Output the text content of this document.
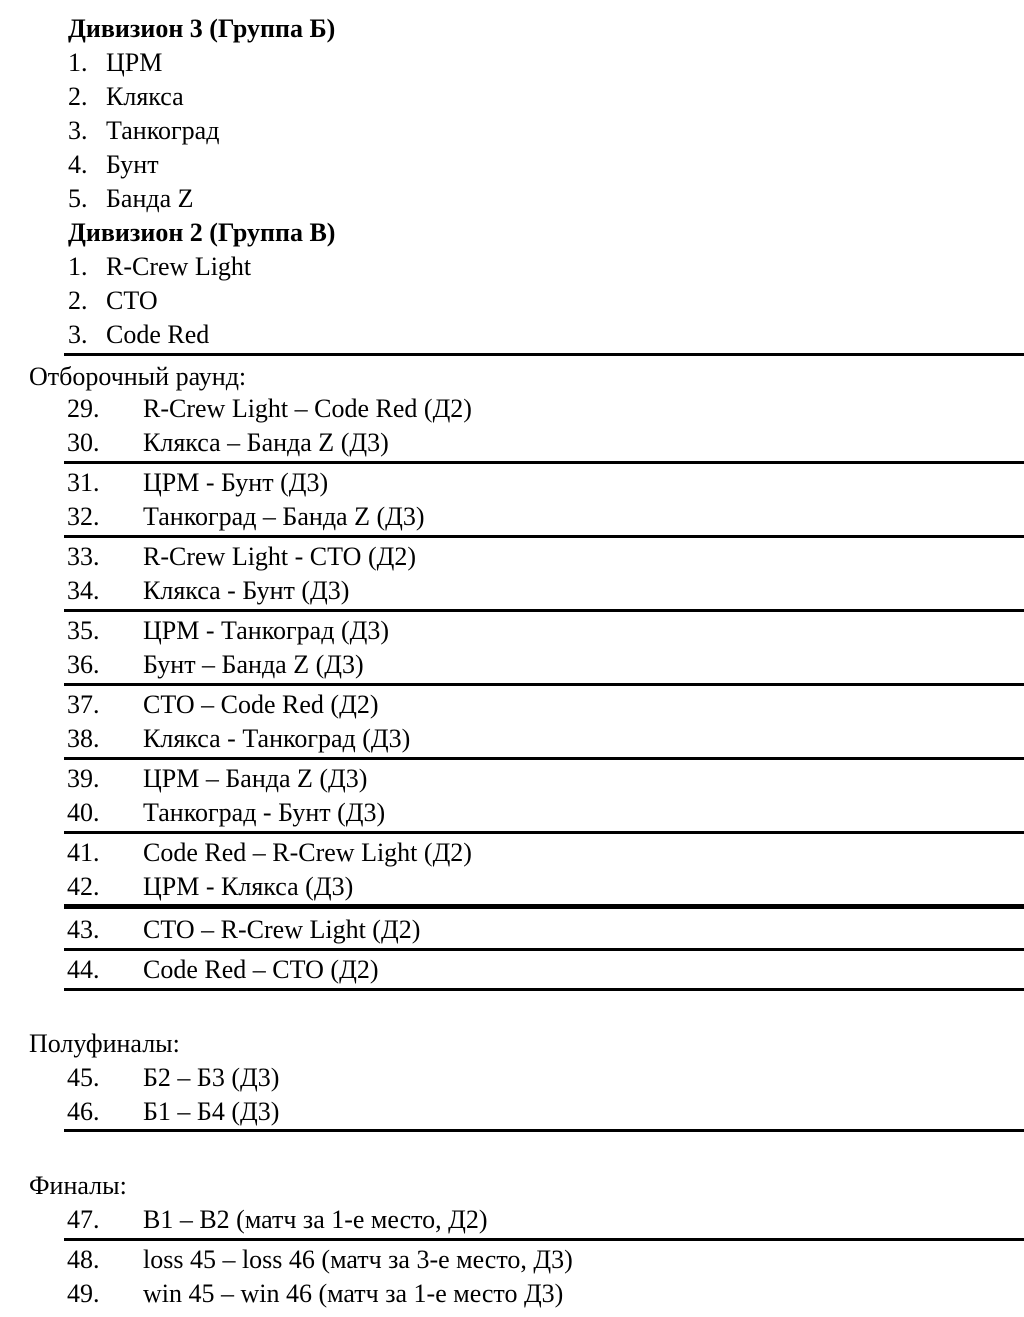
Дивизион 3 (Группа Б)
1. ЦРМ
2. Клякса
3. Танкоград
4. Бунт
5. Банда Z
Дивизион 2 (Группа В)
1. R-Crew Light
2. СТО
3. Code Red
Отборочный раунд:
29. R-Crew Light – Code Red (Д2)
30. Клякса – Банда Z (Д3)
31. ЦРМ - Бунт (Д3)
32. Танкоград – Банда Z (Д3)
33. R-Crew Light - СТО (Д2)
34. Клякса - Бунт (Д3)
35. ЦРМ - Танкоград (Д3)
36. Бунт – Банда Z (Д3)
37. СТО – Code Red (Д2)
38. Клякса - Танкоград (Д3)
39. ЦРМ – Банда Z (Д3)
40. Танкоград - Бунт (Д3)
41. Code Red – R-Crew Light (Д2)
42. ЦРМ - Клякса (Д3)
43. СТО – R-Crew Light (Д2)
44. Code Red – СТО (Д2)
Полуфиналы:
45. Б2 – Б3 (Д3)
46. Б1 – Б4 (Д3)
Финалы:
47. В1 – В2 (матч за 1-е место, Д2)
48. loss 45 – loss 46 (матч за 3-е место, Д3)
49. win 45 – win 46 (матч за 1-е место Д3)
